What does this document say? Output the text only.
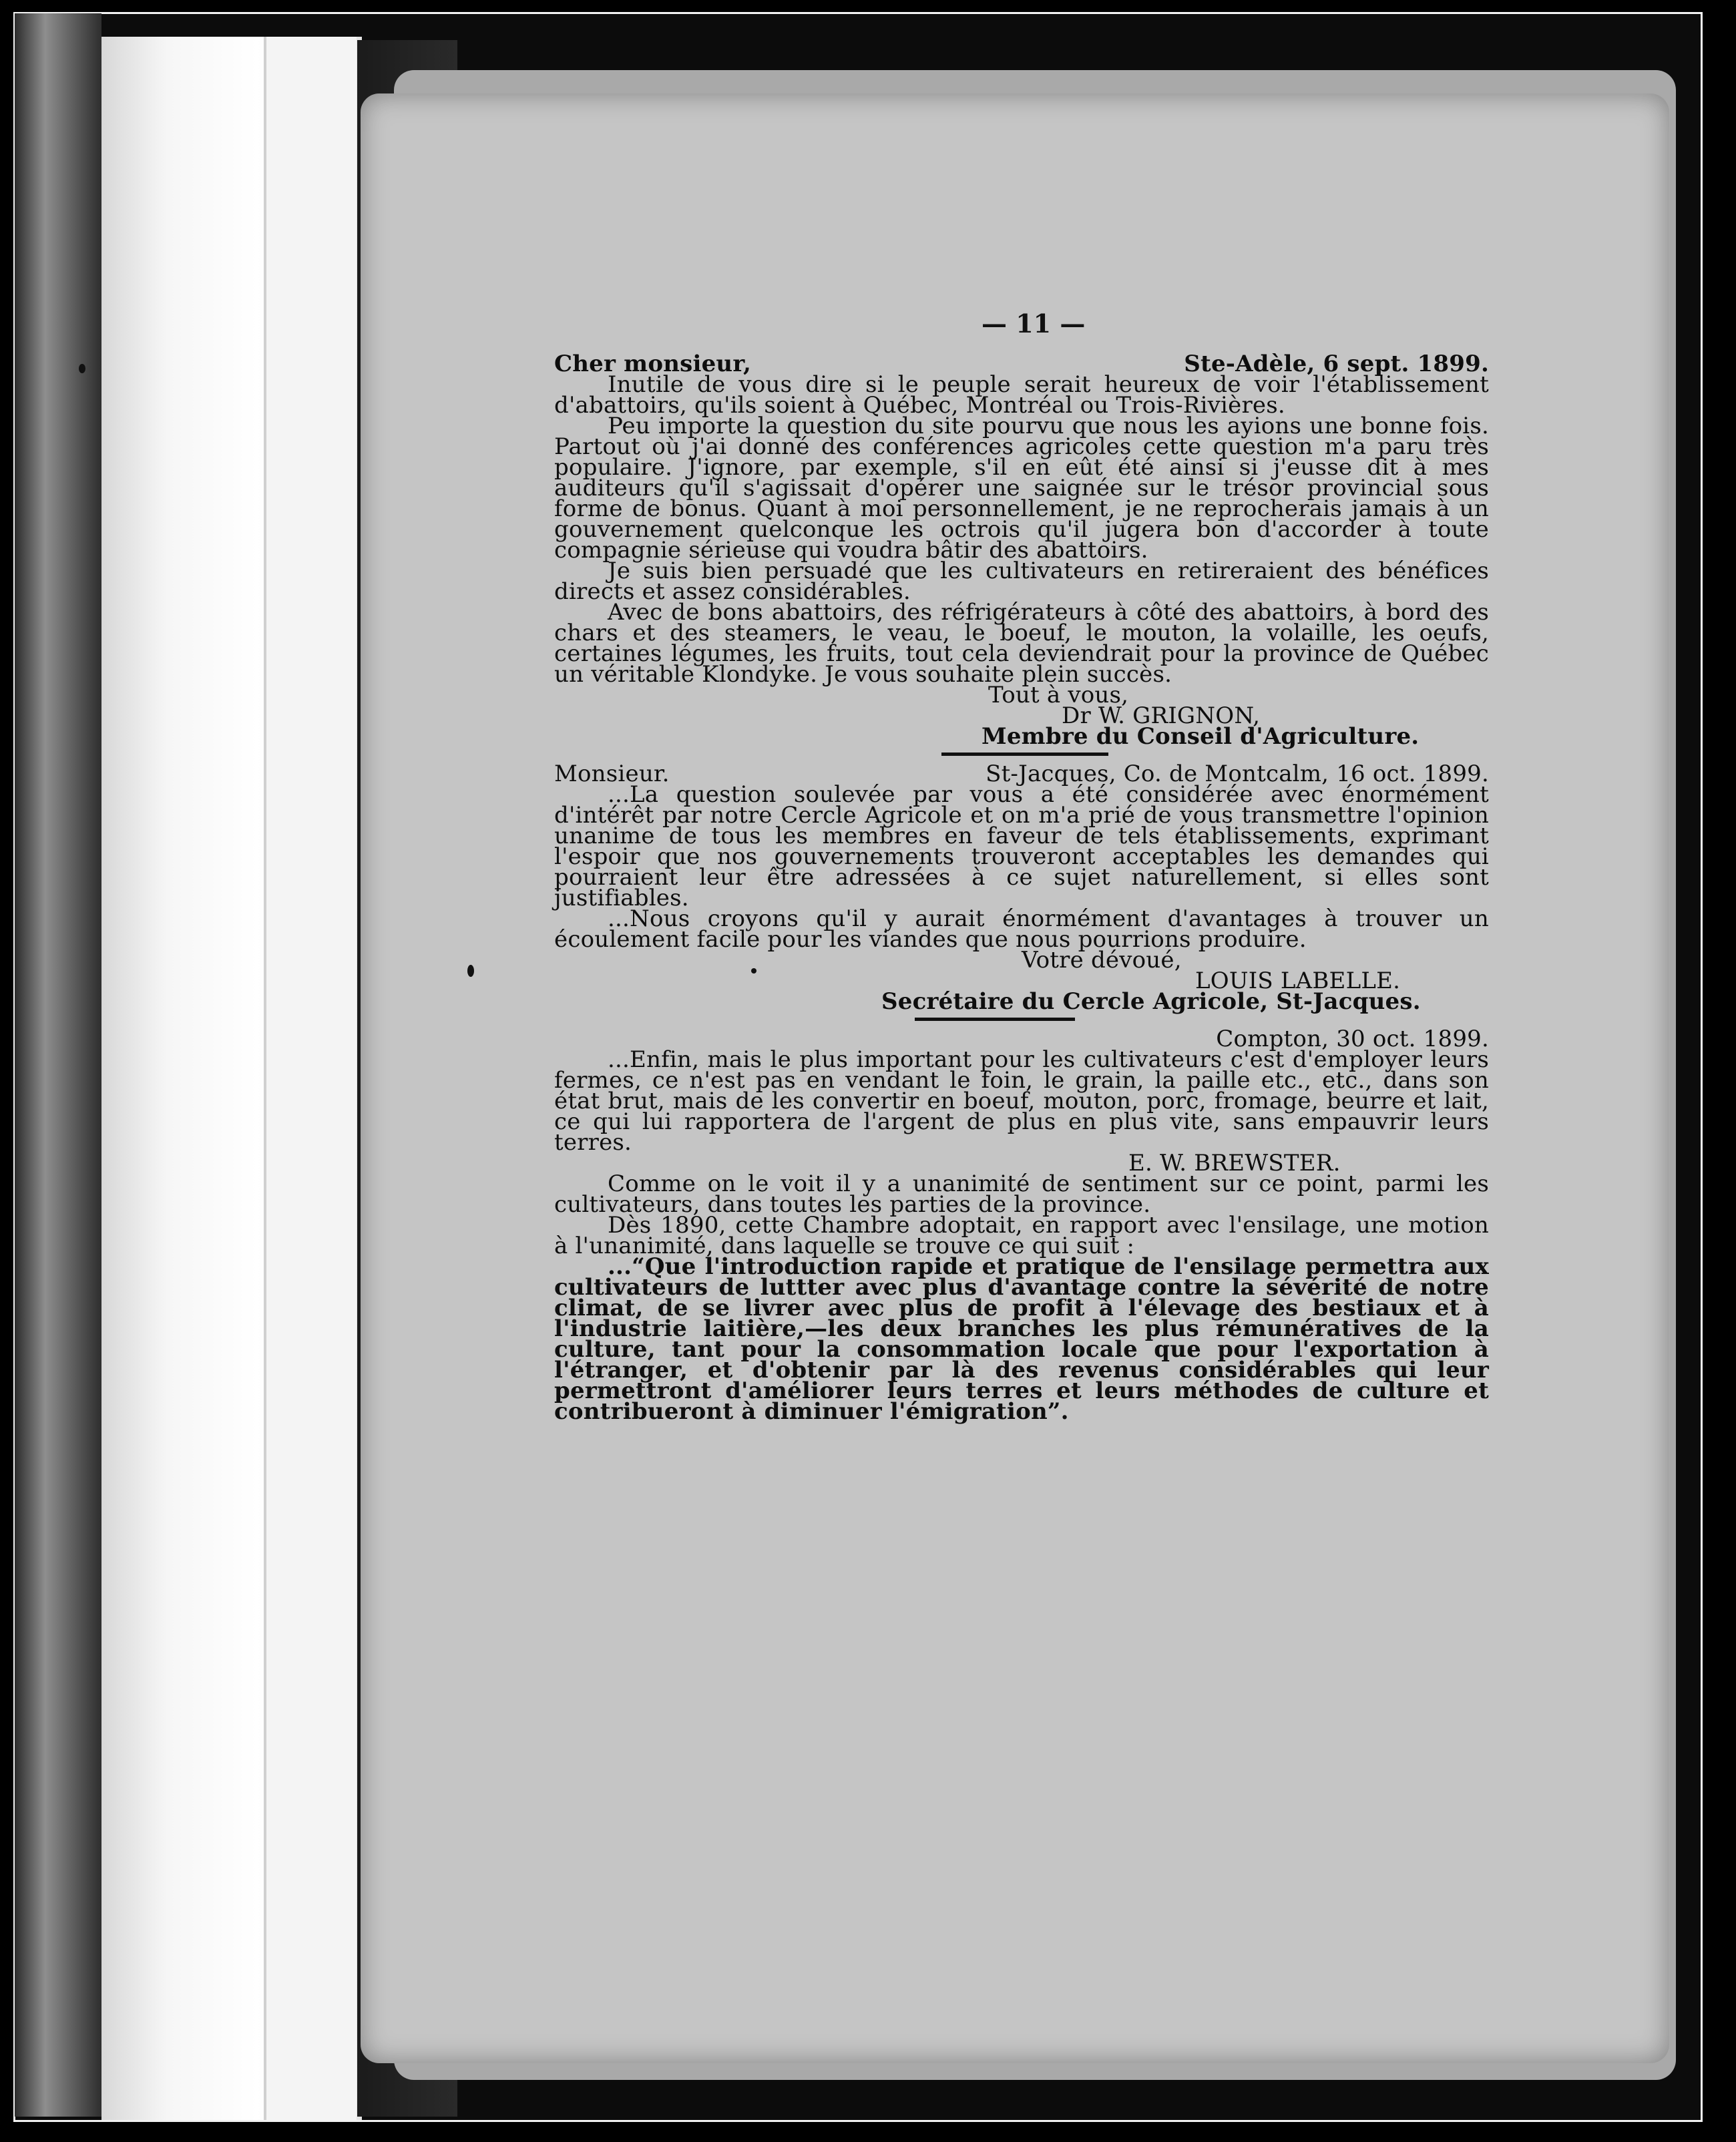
— 11 —
Cher monsieur,	Ste-Adèle, 6 sept. 1899.

Inutile de vous dire si le peuple serait heureux de voir l'établissement d'abattoirs, qu'ils soient à Québec, Montréal ou Trois-Rivières.

Peu importe la question du site pourvu que nous les ayions une bonne fois. Partout où j'ai donné des conférences agricoles cette question m'a paru très populaire. J'ignore, par exemple, s'il en eût été ainsi si j'eusse dit à mes auditeurs qu'il s'agissait d'opérer une saignée sur le trésor provincial sous forme de bonus. Quant à moi personnellement, je ne reprocherais jamais à un gouvernement quelconque les octrois qu'il jugera bon d'accorder à toute compagnie sérieuse qui voudra bâtir des abattoirs.

Je suis bien persuadé que les cultivateurs en retireraient des bénéfices directs et assez considérables.

Avec de bons abattoirs, des réfrigérateurs à côté des abattoirs, à bord des chars et des steamers, le veau, le boeuf, le mouton, la volaille, les oeufs, certaines légumes, les fruits, tout cela deviendrait pour la province de Québec un véritable Klondyke. Je vous souhaite plein succès.

Tout à vous,
Dr W. GRIGNON,
Membre du Conseil d'Agriculture.
Monsieur.	St-Jacques, Co. de Montcalm, 16 oct. 1899.

...La question soulevée par vous a été considérée avec énormément d'intérêt par notre Cercle Agricole et on m'a prié de vous transmettre l'opinion unanime de tous les membres en faveur de tels établissements, exprimant l'espoir que nos gouvernements trouveront acceptables les demandes qui pourraient leur être adressées à ce sujet naturellement, si elles sont justifiables.

...Nous croyons qu'il y aurait énormément d'avantages à trouver un écoulement facile pour les viandes que nous pourrions produire.

Votre dévoué,
LOUIS LABELLE.
Secrétaire du Cercle Agricole, St-Jacques.
Compton, 30 oct. 1899.

...Enfin, mais le plus important pour les cultivateurs c'est d'employer leurs fermes, ce n'est pas en vendant le foin, le grain, la paille etc., etc., dans son état brut, mais de les convertir en boeuf, mouton, porc, fromage, beurre et lait, ce qui lui rapportera de l'argent de plus en plus vite, sans empauvrir leurs terres.

E. W. BREWSTER.

Comme on le voit il y a unanimité de sentiment sur ce point, parmi les cultivateurs, dans toutes les parties de la province.

Dès 1890, cette Chambre adoptait, en rapport avec l'ensilage, une motion à l'unanimité, dans laquelle se trouve ce qui suit :

...“Que l'introduction rapide et pratique de l'ensilage permettra aux cultivateurs de luttter avec plus d'avantage contre la sévérité de notre climat, de se livrer avec plus de profit à l'élevage des bestiaux et à l'industrie laitière,—les deux branches les plus rémunératives de la culture, tant pour la consommation locale que pour l'exportation à l'étranger, et d'obtenir par là des revenus considérables qui leur permettront d'améliorer leurs terres et leurs méthodes de culture et contribueront à diminuer l'émigration”.
